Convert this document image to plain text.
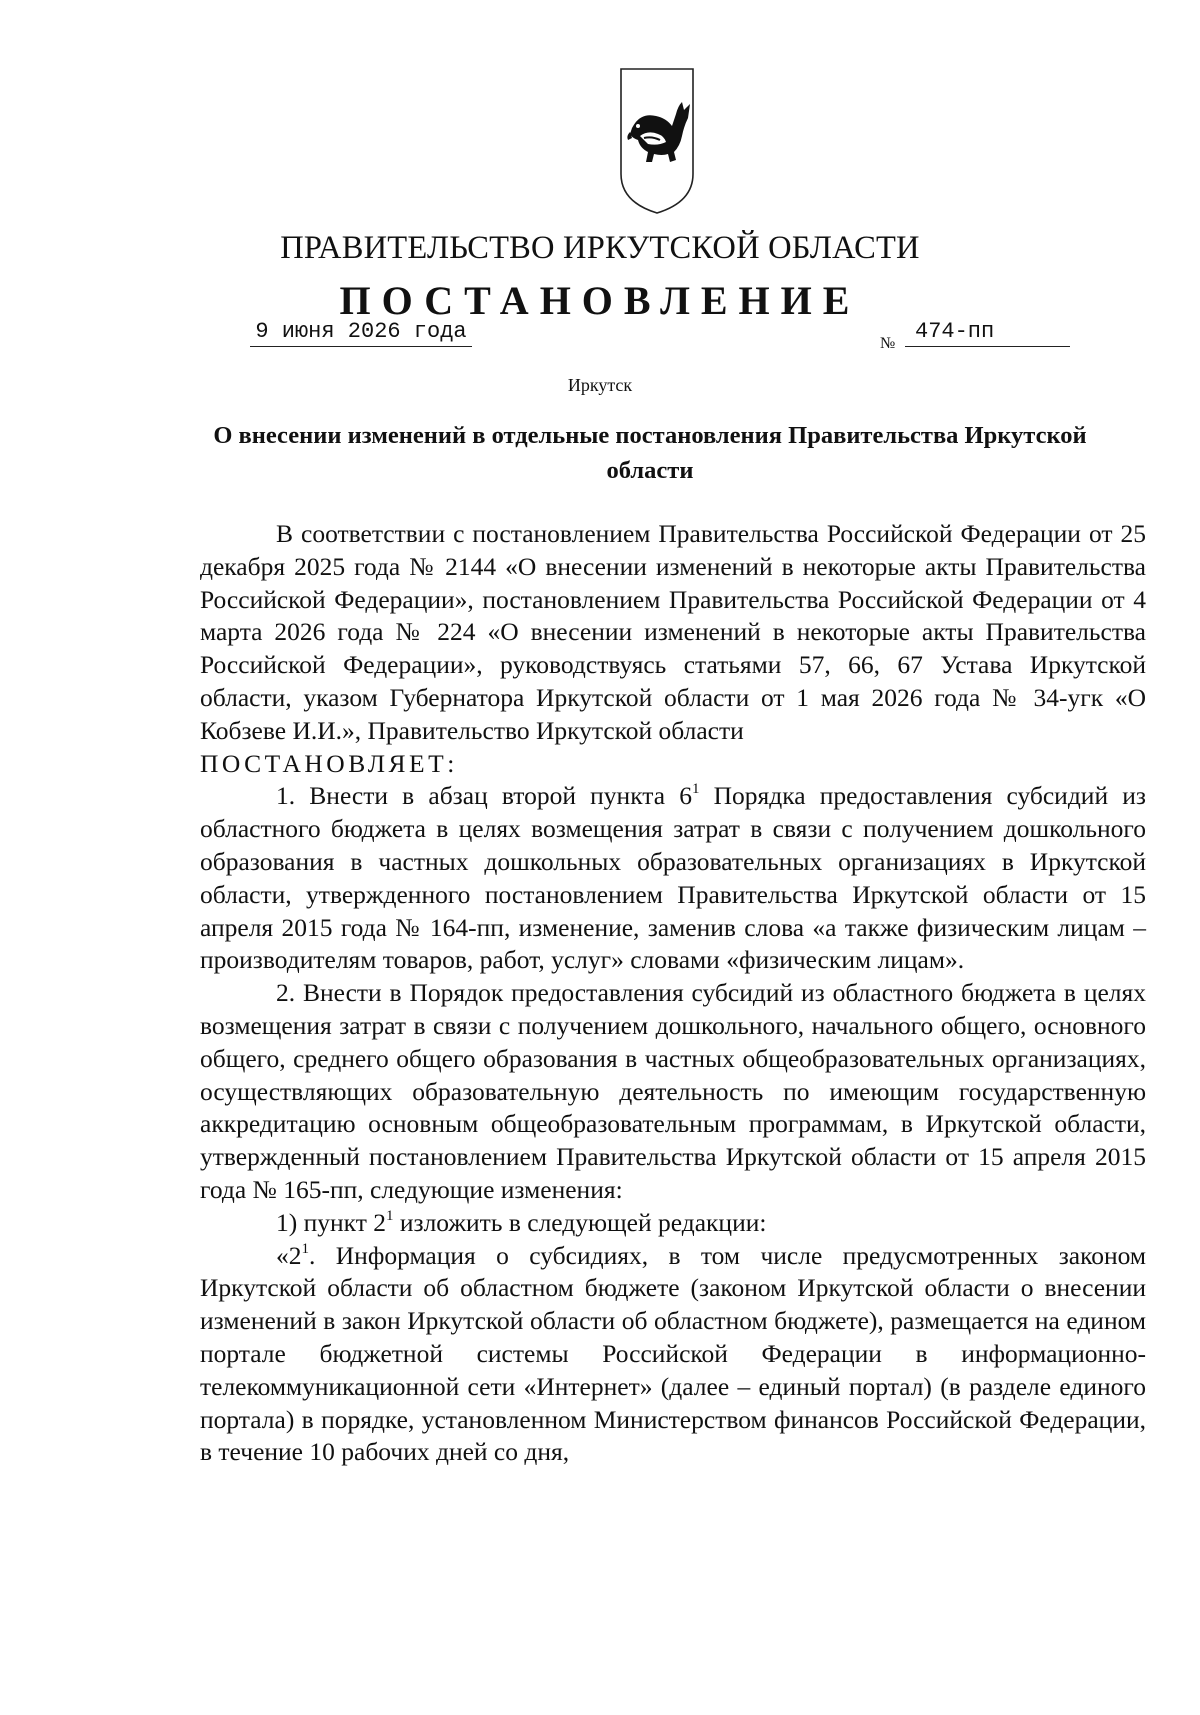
ПРАВИТЕЛЬСТВО ИРКУТСКОЙ ОБЛАСТИ
ПОСТАНОВЛЕНИЕ
9 июня 2026 года	№ 474-пп
Иркутск
О внесении изменений в отдельные постановления Правительства Иркутской области

В соответствии с постановлением Правительства Российской Федерации от 25 декабря 2025 года № 2144 «О внесении изменений в некоторые акты Правительства Российской Федерации», постановлением Правительства Российской Федерации от 4 марта 2026 года № 224 «О внесении изменений в некоторые акты Правительства Российской Федерации», руководствуясь статьями 57, 66, 67 Устава Иркутской области, указом Губернатора Иркутской области от 1 мая 2026 года № 34-угк «О Кобзеве И.И.», Правительство Иркутской области

ПОСТАНОВЛЯЕТ:

1. Внести в абзац второй пункта $6^1$ Порядка предоставления субсидий из областного бюджета в целях возмещения затрат в связи с получением дошкольного образования в частных дошкольных образовательных организациях в Иркутской области, утвержденного постановлением Правительства Иркутской области от 15 апреля 2015 года № 164-пп, изменение, заменив слова «а также физическим лицам – производителям товаров, работ, услуг» словами «физическим лицам».

2. Внести в Порядок предоставления субсидий из областного бюджета в целях возмещения затрат в связи с получением дошкольного, начального общего, основного общего, среднего общего образования в частных общеобразовательных организациях, осуществляющих образовательную деятельность по имеющим государственную аккредитацию основным общеобразовательным программам, в Иркутской области, утвержденный постановлением Правительства Иркутской области от 15 апреля 2015 года № 165-пп, следующие изменения:

1) пункт $2^1$ изложить в следующей редакции:

«$2^1$. Информация о субсидиях, в том числе предусмотренных законом Иркутской области об областном бюджете (законом Иркутской области о внесении изменений в закон Иркутской области об областном бюджете), размещается на едином портале бюджетной системы Российской Федерации в информационно-телекоммуникационной сети «Интернет» (далее – единый портал) (в разделе единого портала) в порядке, установленном Министерством финансов Российской Федерации, в течение 10 рабочих дней со дня,
